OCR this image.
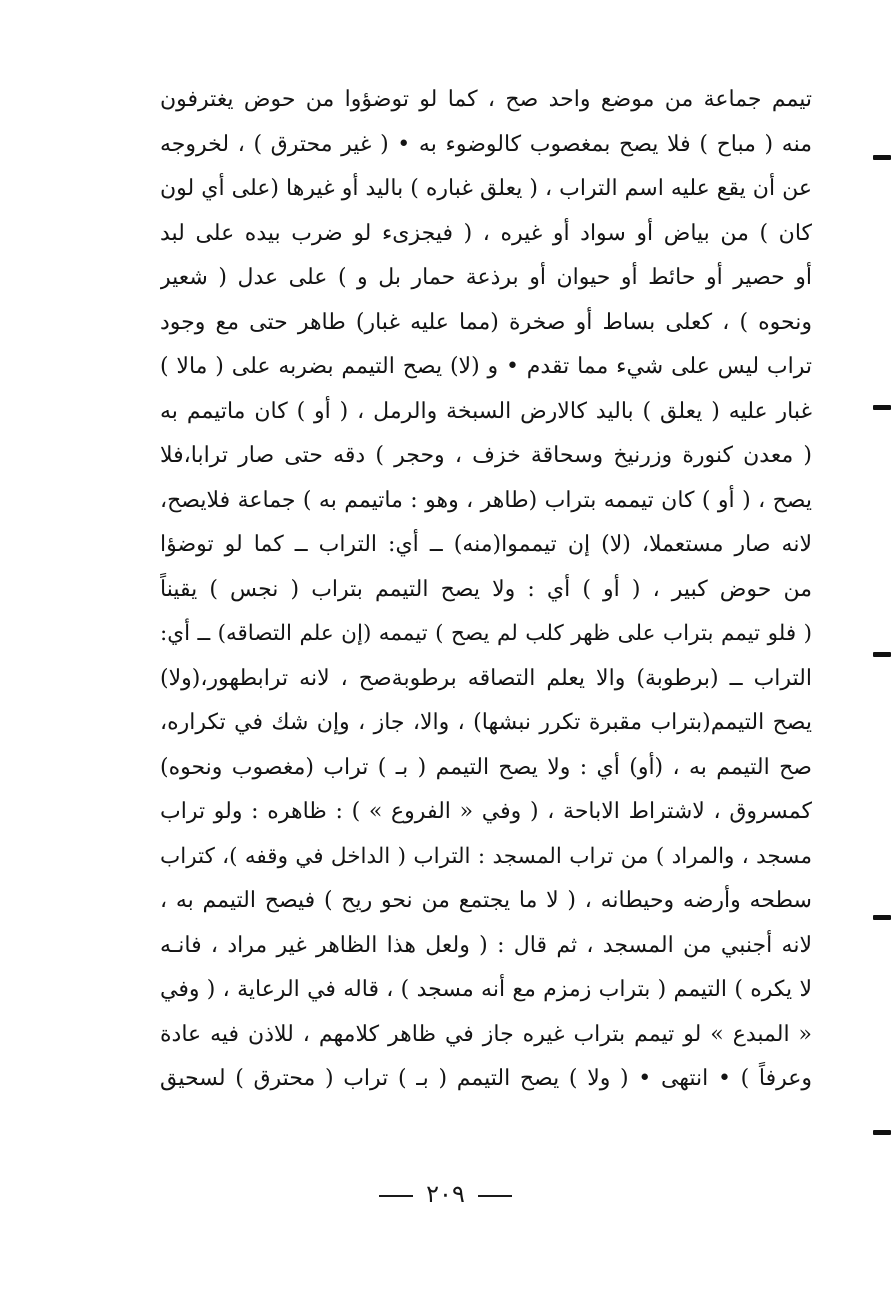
تيمم جماعة من موضع واحد صح ، كما لو توضؤوا من حوض يغترفون
منه ( مباح ) فلا يصح بمغصوب كالوضوء به • ( غير محترق ) ، لخروجه
عن أن يقع عليه اسم التراب ، ( يعلق غباره ) باليد أو غيرها (على أي لون
كان ) من بياض أو سواد أو غيره ، ( فيجزىء لو ضرب بيده على لبد
أو حصير أو حائط أو حيوان أو برذعة حمار بل و ) على عدل ( شعير
ونحوه ) ، كعلى بساط أو صخرة (مما عليه غبار) طاهر حتى مع وجود
تراب ليس على شيء مما تقدم • و (لا) يصح التيمم بضربه على ( مالا )
غبار عليه ( يعلق ) باليد كالارض السبخة والرمل ، ( أو ) كان ماتيمم به
( معدن كنورة وزرنيخ وسحاقة خزف ، وحجر ) دقه حتى صار ترابا،فلا
يصح ، ( أو ) كان تيممه بتراب (طاهر ، وهو : ماتيمم به ) جماعة فلايصح،
لانه صار مستعملا، (لا) إن تيمموا(منه) ــ أي: التراب ــ كما لو توضؤا
من حوض كبير ، ( أو ) أي : ولا يصح التيمم بتراب ( نجس ) يقيناً
( فلو تيمم بتراب على ظهر كلب لم يصح ) تيممه (إن علم التصاقه) ــ أي:
التراب ــ (برطوبة) والا يعلم التصاقه برطوبةصح ، لانه ترابطهور،(ولا)
يصح التيمم(بتراب مقبرة تكرر نبشها) ، والا، جاز ، وإن شك في تكراره،
صح التيمم به ، (أو) أي : ولا يصح التيمم ( بـ ) تراب (مغصوب ونحوه)
كمسروق ، لاشتراط الاباحة ، ( وفي « الفروع » ) : ظاهره : ولو تراب
مسجد ، والمراد ) من تراب المسجد : التراب ( الداخل في وقفه )، كتراب
سطحه وأرضه وحيطانه ، ( لا ما يجتمع من نحو ريح ) فيصح التيمم به ،
لانه أجنبي من المسجد ، ثم قال : ( ولعل هذا الظاهر غير مراد ، فانـه
لا يكره ) التيمم ( بتراب زمزم مع أنه مسجد ) ، قاله في الرعاية ، ( وفي
« المبدع » لو تيمم بتراب غيره جاز في ظاهر كلامهم ، للاذن فيه عادة
وعرفاً ) • انتهى • ( ولا ) يصح التيمم ( بـ ) تراب ( محترق ) لسحيق
٢٠٩
